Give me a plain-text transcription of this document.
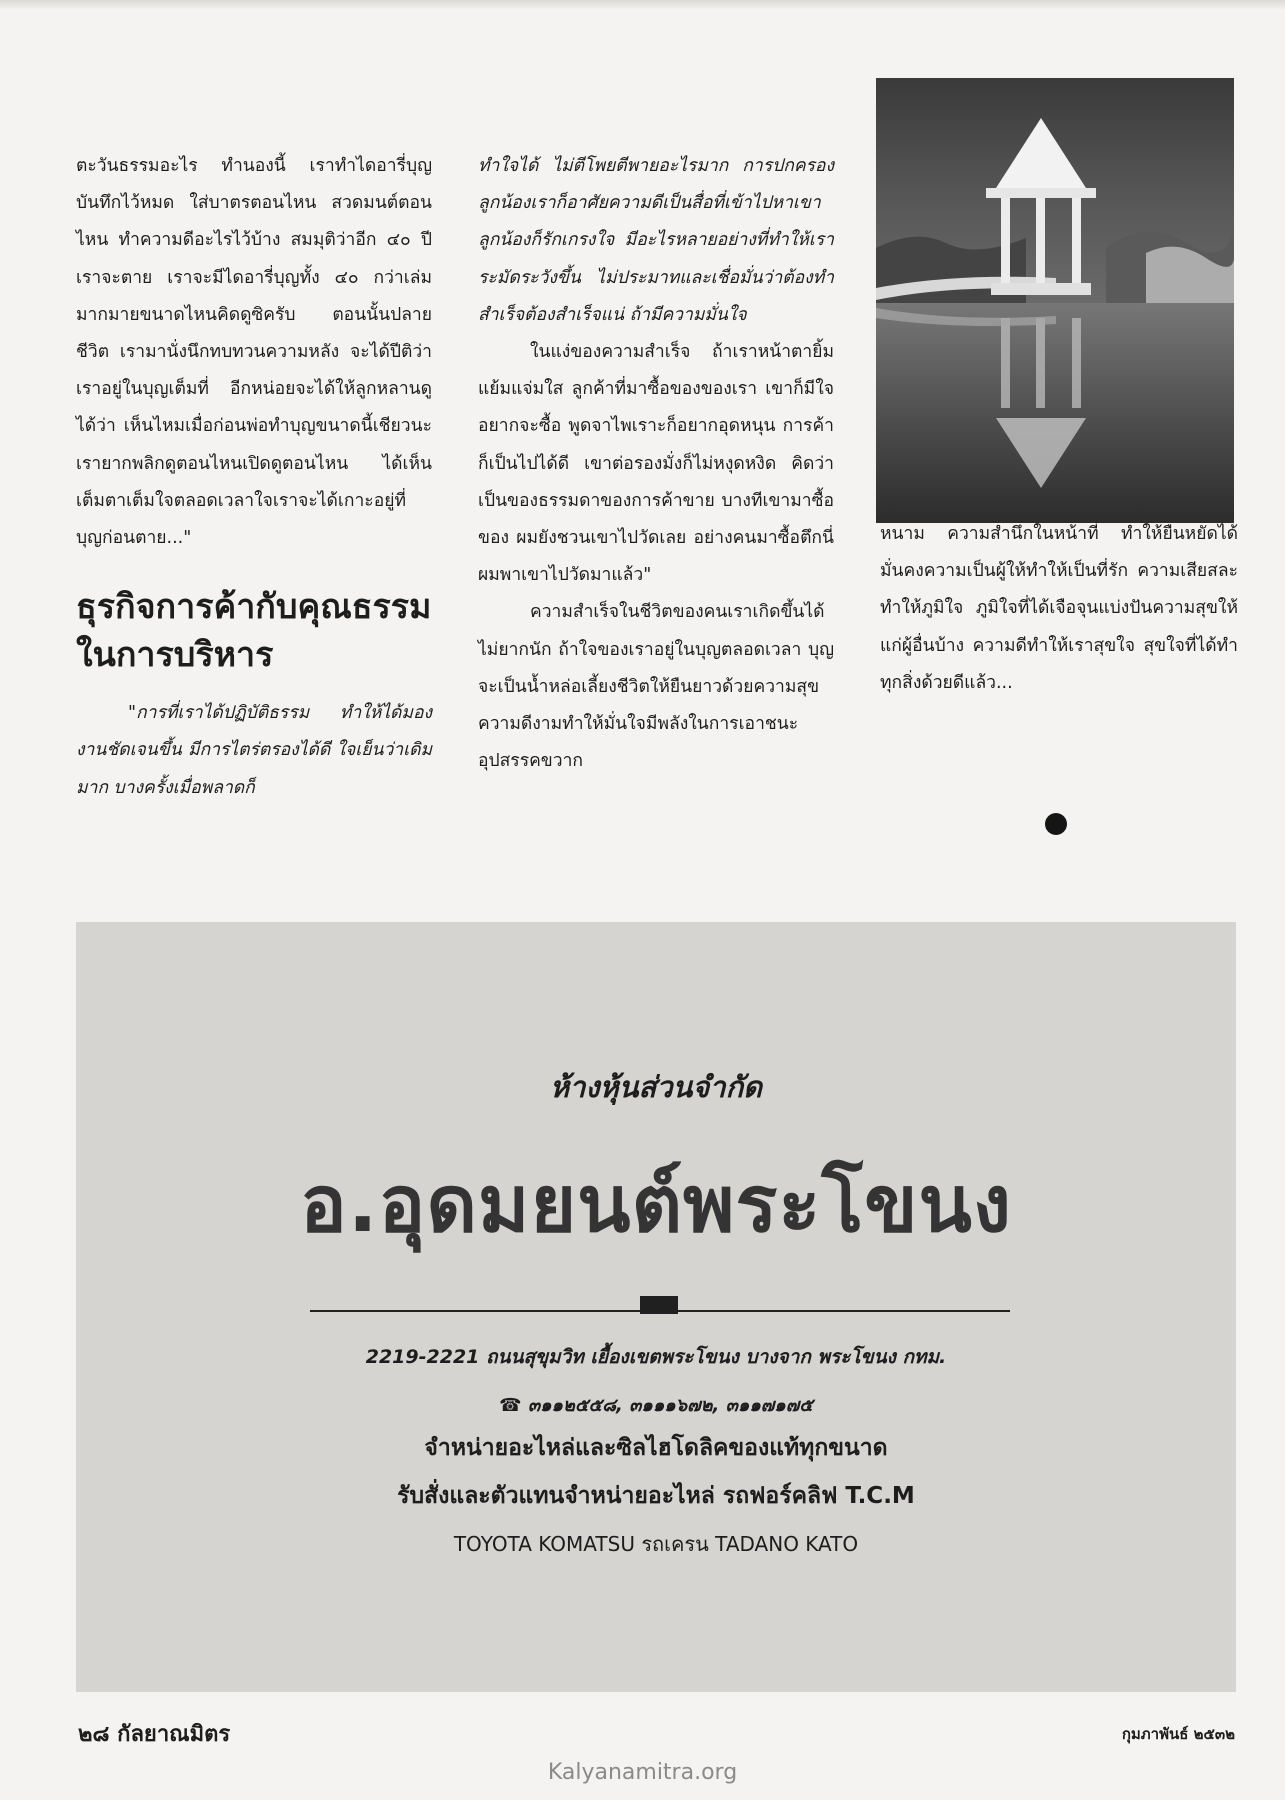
ตะวันธรรมอะไร ทำนองนี้ เราทำไดอารี่บุญบันทึกไว้หมด ใส่บาตรตอนไหน สวดมนต์ตอนไหน ทำความดีอะไรไว้บ้าง สมมุติว่าอีก ๔๐ ปีเราจะตาย เราจะมีไดอารี่บุญทั้ง ๔๐ กว่าเล่ม มากมายขนาดไหนคิดดูซิครับ ตอนนั้นปลายชีวิต เรามานั่งนึกทบทวนความหลัง จะได้ปีติว่าเราอยู่ในบุญเต็มที่ อีกหน่อยจะได้ให้ลูกหลานดูได้ว่า เห็นไหมเมื่อก่อนพ่อทำบุญขนาดนี้เชียวนะ เรายากพลิกดูตอนไหนเปิดดูตอนไหน ได้เห็นเต็มตาเต็มใจตลอดเวลาใจเราจะได้เกาะอยู่ที่บุญก่อนตาย..."

ธุรกิจการค้ากับคุณธรรมในการบริหาร

"การที่เราได้ปฏิบัติธรรม ทำให้ได้มองงานชัดเจนขึ้น มีการไตร่ตรองได้ดี ใจเย็นว่าเดิมมาก บางครั้งเมื่อพลาดก็

ทำใจได้ ไม่ตีโพยตีพายอะไรมาก การปกครองลูกน้องเราก็อาศัยความดีเป็นสื่อที่เข้าไปหาเขา ลูกน้องก็รักเกรงใจ มีอะไรหลายอย่างที่ทำให้เราระมัดระวังขึ้น ไม่ประมาทและเชื่อมั่นว่าต้องทำสำเร็จต้องสำเร็จแน่ ถ้ามีความมั่นใจ

ในแง่ของความสำเร็จ ถ้าเราหน้าตายิ้มแย้มแจ่มใส ลูกค้าที่มาซื้อของของเรา เขาก็มีใจอยากจะซื้อ พูดจาไพเราะก็อยากอุดหนุน การค้าก็เป็นไปได้ดี เขาต่อรองมั่งก็ไม่หงุดหงิด คิดว่าเป็นของธรรมดาของการค้าขาย บางทีเขามาซื้อของ ผมยังชวนเขาไปวัดเลย อย่างคนมาซื้อตึกนี่ ผมพาเขาไปวัดมาแล้ว"

ความสำเร็จในชีวิตของคนเราเกิดขึ้นได้ไม่ยากนัก ถ้าใจของเราอยู่ในบุญตลอดเวลา บุญจะเป็นน้ำหล่อเลี้ยงชีวิตให้ยืนยาวด้วยความสุข ความดีงามทำให้มั่นใจมีพลังในการเอาชนะอุปสรรคขวาก

หนาม ความสำนึกในหน้าที่ ทำให้ยืนหยัดได้มั่นคงความเป็นผู้ให้ทำให้เป็นที่รัก ความเสียสละทำให้ภูมิใจ ภูมิใจที่ได้เจือจุนแบ่งปันความสุขให้แก่ผู้อื่นบ้าง ความดีทำให้เราสุขใจ สุขใจที่ได้ทำทุกสิ่งด้วยดีแล้ว...

ห้างหุ้นส่วนจำกัด
อ.อุดมยนต์พระโขนง
2219-2221 ถนนสุขุมวิท เยื้องเขตพระโขนง บางจาก พระโขนง กทม.
☎ ๓๑๑๒๕๕๘, ๓๑๑๑๖๗๒, ๓๑๑๗๑๗๕
จำหน่ายอะไหล่และซิลไฮโดลิคของแท้ทุกขนาด
รับสั่งและตัวแทนจำหน่ายอะไหล่ รถฟอร์คลิฟ T.C.M
TOYOTA KOMATSU รถเครน TADANO KATO
๒๘ กัลยาณมิตร	กุมภาพันธ์ ๒๕๓๒
Kalyanamitra.org
